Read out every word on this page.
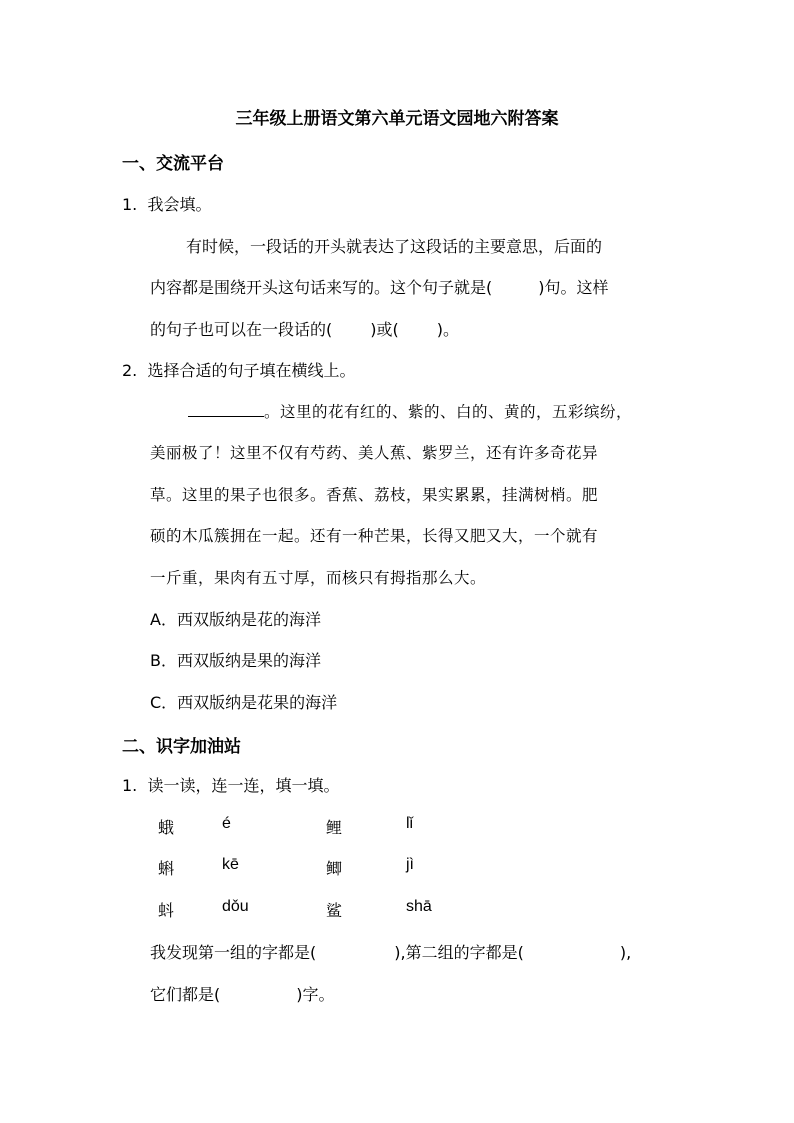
三年级上册语文第六单元语文园地六附答案
一、交流平台
1. 我会填。
有时候，一段话的开头就表达了这段话的主要意思，后面的
内容都是围绕开头这句话来写的。这个句子就是(	)句。这样
的句子也可以在一段话的( )或( )。
2. 选择合适的句子填在横线上。
。这里的花有红的、紫的、白的、黄的，五彩缤纷，
美丽极了！这里不仅有芍药、美人蕉、紫罗兰，还有许多奇花异
草。这里的果子也很多。香蕉、荔枝，果实累累，挂满树梢。肥
硕的木瓜簇拥在一起。还有一种芒果，长得又肥又大，一个就有
一斤重，果肉有五寸厚，而核只有拇指那么大。
A．西双版纳是花的海洋
B．西双版纳是果的海洋
C．西双版纳是花果的海洋
二、识字加油站
1. 读一读，连一连，填一填。
蛾	é	鲤	lǐ
蝌	kē	鲫	jì
蚪	dǒu	鲨	shā
我发现第一组的字都是(	),第二组的字都是(	),
它们都是(	)字。
